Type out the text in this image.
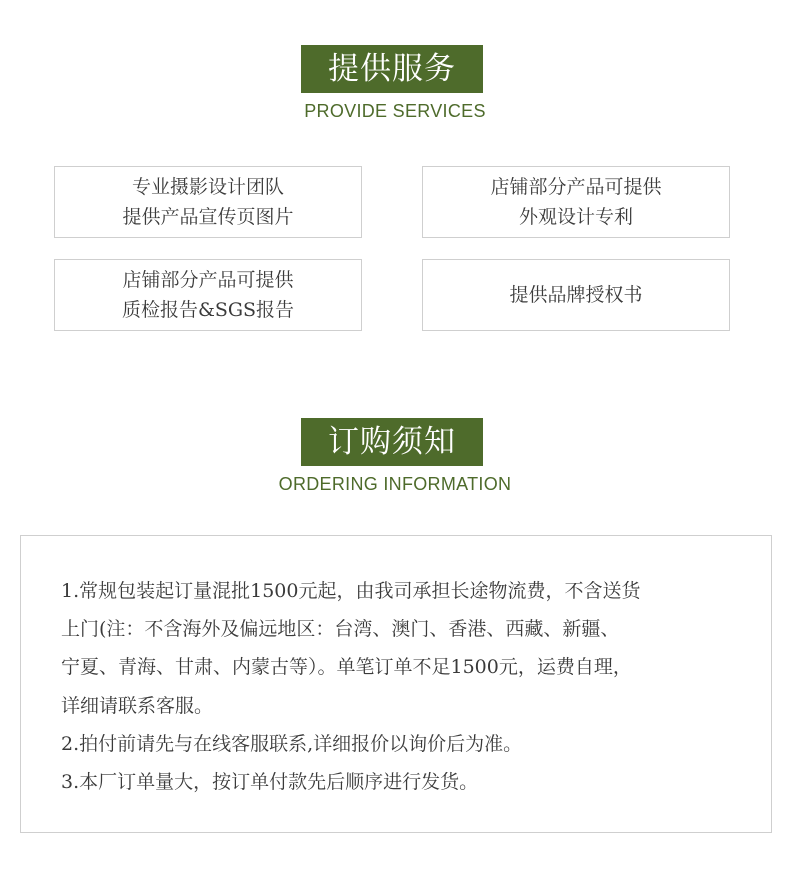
提供服务
PROVIDE SERVICES
专业摄影设计团队
提供产品宣传页图片
店铺部分产品可提供
外观设计专利
店铺部分产品可提供
质检报告&SGS报告
提供品牌授权书
订购须知
ORDERING INFORMATION
1.常规包装起订量混批1500元起，由我司承担长途物流费，不含送货
上门(注：不含海外及偏远地区：台湾、澳门、香港、西藏、新疆、
宁夏、青海、甘肃、内蒙古等）。单笔订单不足1500元，运费自理，
详细请联系客服。
2.拍付前请先与在线客服联系,详细报价以询价后为准。
3.本厂订单量大，按订单付款先后顺序进行发货。
